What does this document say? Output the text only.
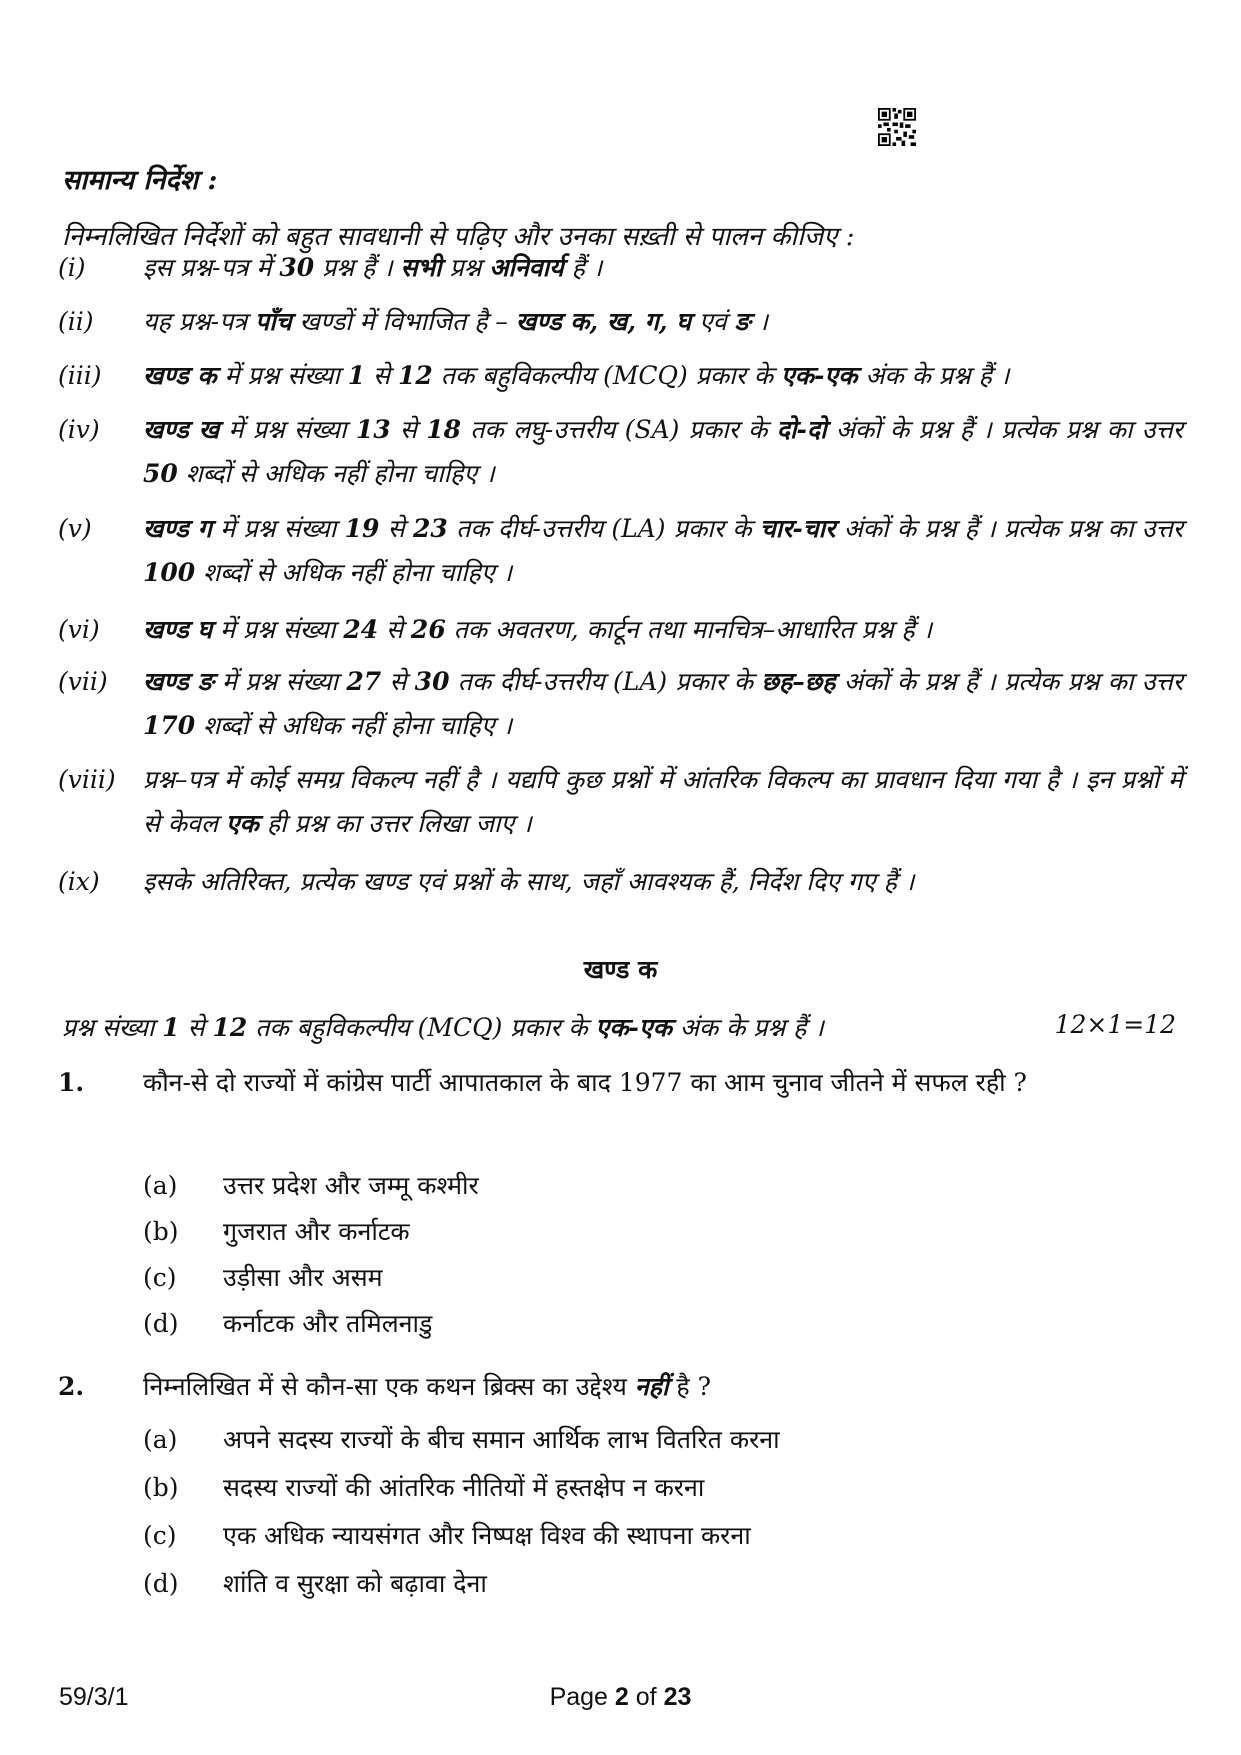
सामान्य निर्देश :
निम्नलिखित निर्देशों को बहुत सावधानी से पढ़िए और उनका सख़्ती से पालन कीजिए :
(i)	इस प्रश्न-पत्र में 30 प्रश्न हैं । सभी प्रश्न अनिवार्य हैं ।
(ii)	यह प्रश्न-पत्र पाँच खण्डों में विभाजित है – खण्ड क, ख, ग, घ एवं ङ ।
(iii)	खण्ड क में प्रश्न संख्या 1 से 12 तक बहुविकल्पीय (MCQ) प्रकार के एक-एक अंक के प्रश्न हैं ।
(iv)	खण्ड ख में प्रश्न संख्या 13 से 18 तक लघु-उत्तरीय (SA) प्रकार के दो-दो अंकों के प्रश्न हैं । प्रत्येक प्रश्न का उत्तर 50 शब्दों से अधिक नहीं होना चाहिए ।
(v)	खण्ड ग में प्रश्न संख्या 19 से 23 तक दीर्घ-उत्तरीय (LA) प्रकार के चार-चार अंकों के प्रश्न हैं । प्रत्येक प्रश्न का उत्तर 100 शब्दों से अधिक नहीं होना चाहिए ।
(vi)	खण्ड घ में प्रश्न संख्या 24 से 26 तक अवतरण, कार्टून तथा मानचित्र–आधारित प्रश्न हैं ।
(vii)	खण्ड ङ में प्रश्न संख्या 27 से 30 तक दीर्घ-उत्तरीय (LA) प्रकार के छह–छह अंकों के प्रश्न हैं । प्रत्येक प्रश्न का उत्तर 170 शब्दों से अधिक नहीं होना चाहिए ।
(viii)	प्रश्न–पत्र में कोई समग्र विकल्प नहीं है । यद्यपि कुछ प्रश्नों में आंतरिक विकल्प का प्रावधान दिया गया है । इन प्रश्नों में से केवल एक ही प्रश्न का उत्तर लिखा जाए ।
(ix)	इसके अतिरिक्त, प्रत्येक खण्ड एवं प्रश्नों के साथ, जहाँ आवश्यक हैं, निर्देश दिए गए हैं ।
खण्ड क
प्रश्न संख्या 1 से 12 तक बहुविकल्पीय (MCQ) प्रकार के एक-एक अंक के प्रश्न हैं ।	12×1=12
1. कौन-से दो राज्यों में कांग्रेस पार्टी आपातकाल के बाद 1977 का आम चुनाव जीतने में सफल रही ?
(a) उत्तर प्रदेश और जम्मू कश्मीर
(b) गुजरात और कर्नाटक
(c) उड़ीसा और असम
(d) कर्नाटक और तमिलनाडु
2. निम्नलिखित में से कौन-सा एक कथन ब्रिक्स का उद्देश्य नहीं है ?
(a) अपने सदस्य राज्यों के बीच समान आर्थिक लाभ वितरित करना
(b) सदस्य राज्यों की आंतरिक नीतियों में हस्तक्षेप न करना
(c) एक अधिक न्यायसंगत और निष्पक्ष विश्व की स्थापना करना
(d) शांति व सुरक्षा को बढ़ावा देना
59/3/1	Page 2 of 23
